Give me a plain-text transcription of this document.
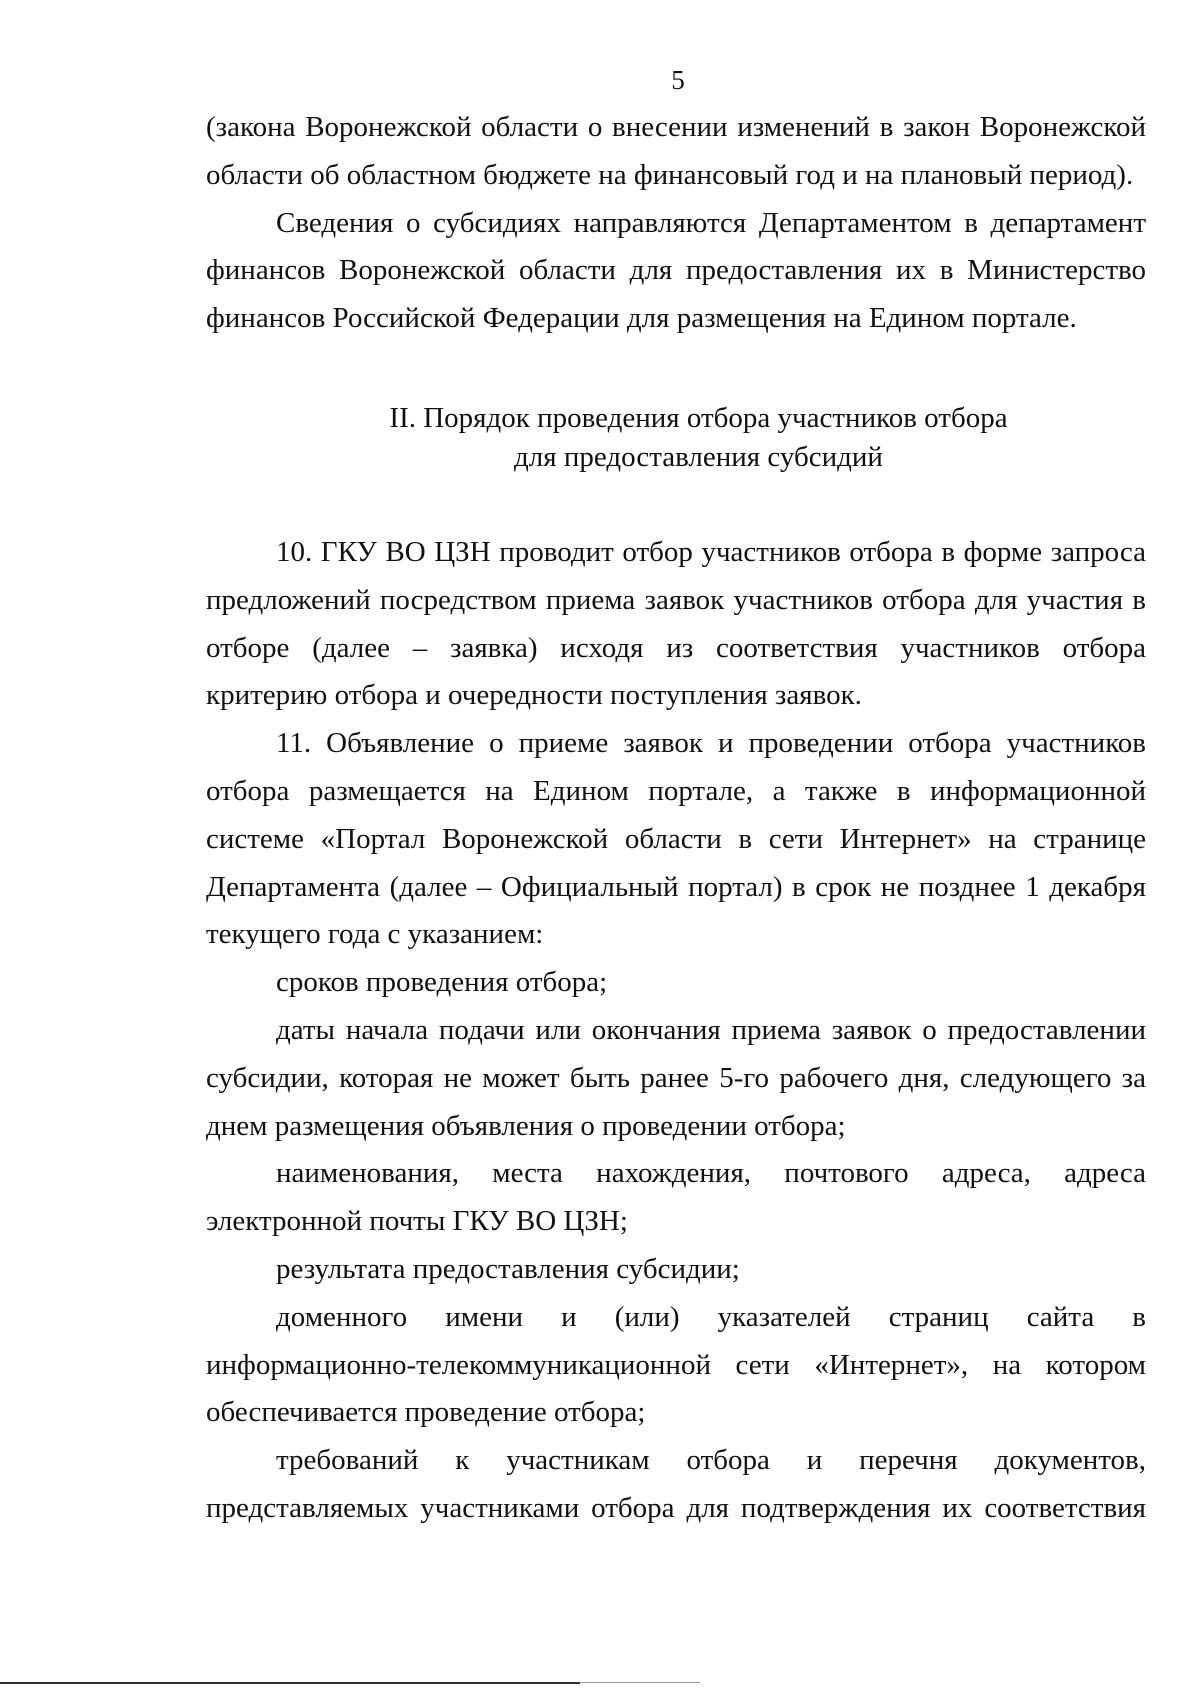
5

(закона Воронежской области о внесении изменений в закон Воронежской области об областном бюджете на финансовый год и на плановый период).

Сведения о субсидиях направляются Департаментом в департамент финансов Воронежской области для предоставления их в Министерство финансов Российской Федерации для размещения на Едином портале.

II. Порядок проведения отбора участников отбора
для предоставления субсидий

10. ГКУ ВО ЦЗН проводит отбор участников отбора в форме запроса предложений посредством приема заявок участников отбора для участия в отборе (далее – заявка) исходя из соответствия участников отбора критерию отбора и очередности поступления заявок.

11. Объявление о приеме заявок и проведении отбора участников отбора размещается на Едином портале, а также в информационной системе «Портал Воронежской области в сети Интернет» на странице Департамента (далее – Официальный портал) в срок не позднее 1 декабря текущего года с указанием:

сроков проведения отбора;

даты начала подачи или окончания приема заявок о предоставлении субсидии, которая не может быть ранее 5-го рабочего дня, следующего за днем размещения объявления о проведении отбора;

наименования, места нахождения, почтового адреса, адреса электронной почты ГКУ ВО ЦЗН;

результата предоставления субсидии;

доменного имени и (или) указателей страниц сайта в информационно-телекоммуникационной сети «Интернет», на котором обеспечивается проведение отбора;

требований к участникам отбора и перечня документов, представляемых участниками отбора для подтверждения их соответствия
